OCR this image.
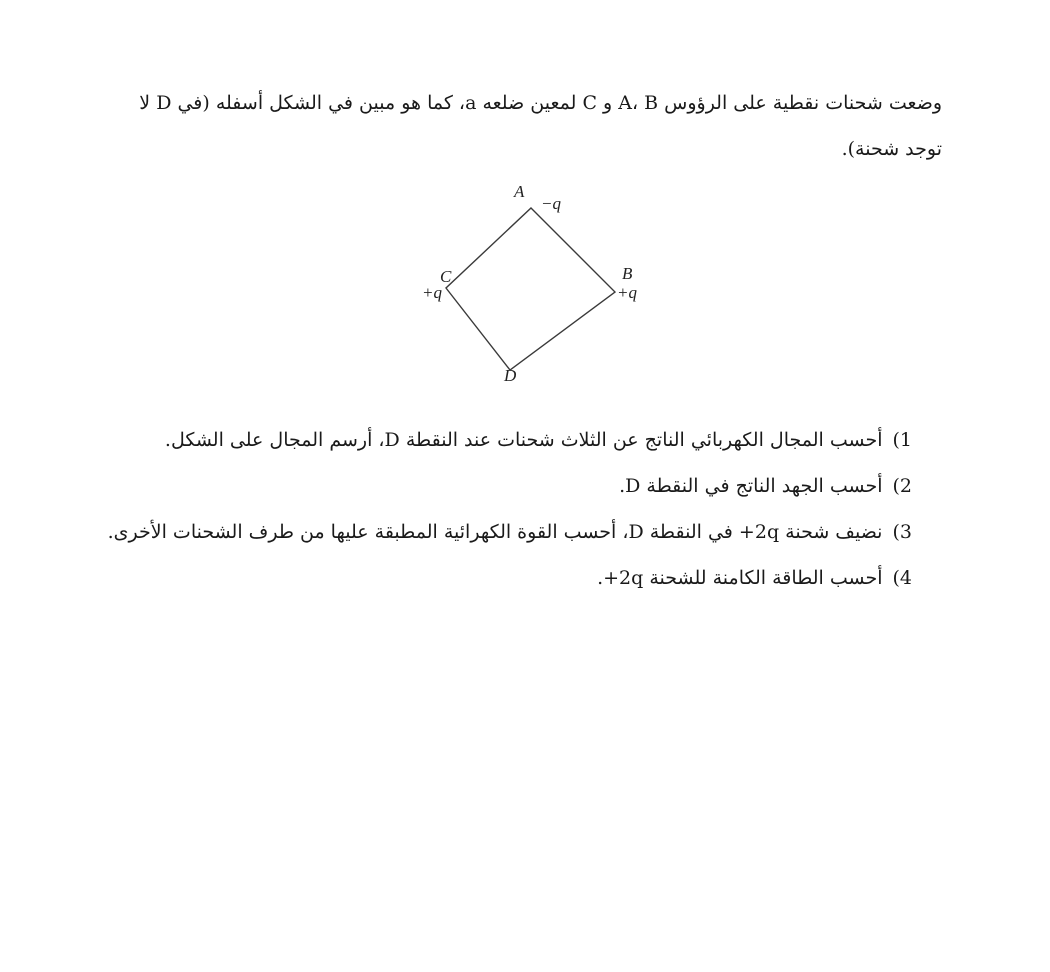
وضعت شحنات نقطية على الرؤوس A، B و C لمعين ضلعه a، كما هو مبين في الشكل أسفله (في D لا
توجد شحنة).

A
−q
B
+q
C
+q
D
1)أحسب المجال الكهربائي الناتج عن الثلاث شحنات عند النقطة D، أرسم المجال على الشكل.
2)أحسب الجهد الناتج في النقطة D.
3)نضيف شحنة 2q+ في النقطة D، أحسب القوة الكهرائية المطبقة عليها من طرف الشحنات الأخرى.
4)أحسب الطاقة الكامنة للشحنة 2q+.
